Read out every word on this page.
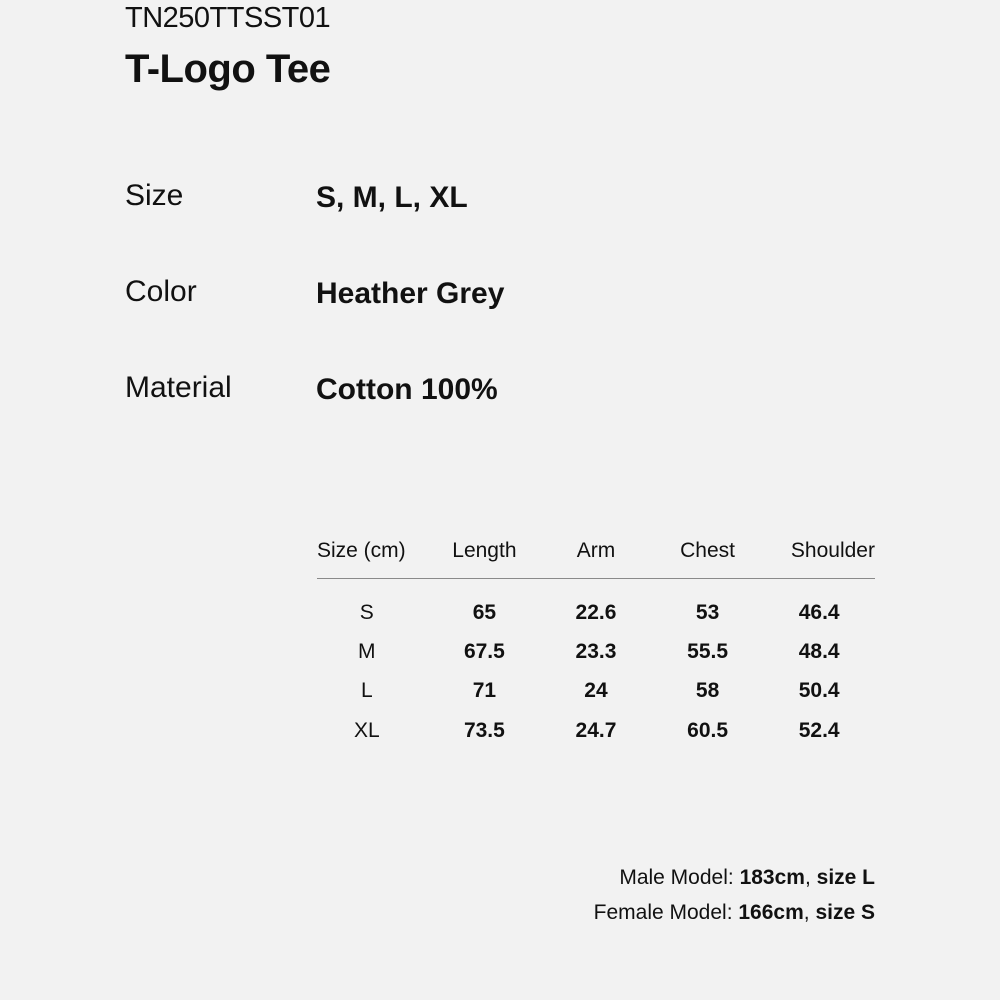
TN250TTSST01
T-Logo Tee
Size	S, M, L, XL
Color	Heather Grey
Material	Cotton 100%
Size (cm)	Length	Arm	Chest	Shoulder
S	65	22.6	53	46.4
M	67.5	23.3	55.5	48.4
L	71	24	58	50.4
XL	73.5	24.7	60.5	52.4
Male Model: 183cm, size L
Female Model: 166cm, size S
